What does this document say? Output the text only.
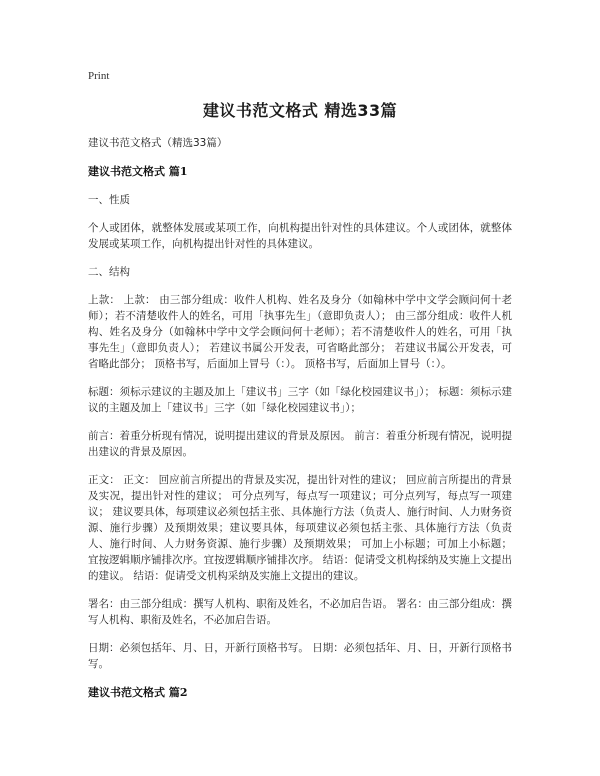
Print
建议书范文格式 精选33篇
建议书范文格式（精选33篇）
建议书范文格式 篇1
一、性质
个人或团体，就整体发展或某项工作，向机构提出针对性的具体建议。个人或团体，就整体发展或某项工作，向机构提出针对性的具体建议。
二、结构
上款： 上款： 由三部分组成：收件人机构、姓名及身分（如翰林中学中文学会顾问何十老师）；若不清楚收件人的姓名，可用「执事先生」（意即负责人）； 由三部分组成：收件人机构、姓名及身分（如翰林中学中文学会顾问何十老师）；若不清楚收件人的姓名，可用「执事先生」（意即负责人）； 若建议书属公开发表，可省略此部分； 若建议书属公开发表，可省略此部分； 顶格书写，后面加上冒号（：）。 顶格书写，后面加上冒号（：）。
标题：须标示建议的主题及加上「建议书」三字（如「绿化校园建议书」）； 标题：须标示建议的主题及加上「建议书」三字（如「绿化校园建议书」）；
前言：着重分析现有情况，说明提出建议的背景及原因。 前言：着重分析现有情况，说明提出建议的背景及原因。
正文： 正文： 回应前言所提出的背景及实况，提出针对性的建议； 回应前言所提出的背景及实况，提出针对性的建议； 可分点列写，每点写一项建议；可分点列写，每点写一项建议； 建议要具体，每项建议必须包括主张、具体施行方法（负责人、施行时间、人力财务资源、施行步骤）及预期效果；建议要具体，每项建议必须包括主张、具体施行方法（负责人、施行时间、人力财务资源、施行步骤）及预期效果； 可加上小标题；可加上小标题； 宜按逻辑顺序铺排次序。宜按逻辑顺序铺排次序。 结语：促请受文机构採纳及实施上文提出的建议。 结语：促请受文机构采纳及实施上文提出的建议。
署名：由三部分组成：撰写人机构、职衔及姓名，不必加启告语。 署名：由三部分组成：撰写人机构、职衔及姓名，不必加启告语。
日期：必须包括年、月、日，开新行顶格书写。 日期：必须包括年、月、日，开新行顶格书写。
建议书范文格式 篇2
